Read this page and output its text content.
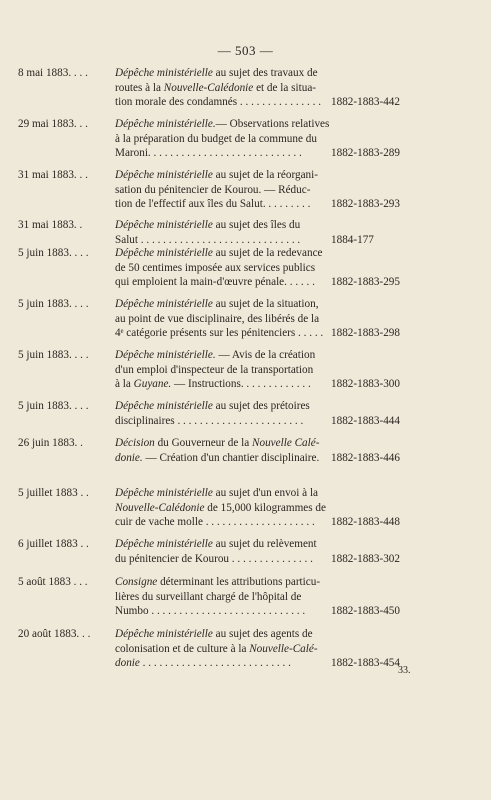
— 503 —
8 mai 1883. . . .	Dépêche ministérielle au sujet des travaux de
routes à la Nouvelle-Calédonie et de la situa-
tion morale des condamnés . . . . . . . . . . . . . . . 1882-1883-442
29 mai 1883. . .	Dépêche ministérielle.— Observations relatives
à la préparation du budget de la commune du
Maroni. . . . . . . . . . . . . . . . . . . . . . . . . . . .	1882-1883-289
31 mai 1883. . .	Dépêche ministérielle au sujet de la réorgani-
sation du pénitencier de Kourou. — Réduc-
tion de l'effectif aux îles du Salut. . . . . . . . .	1882-1883-293
31 mai 1883. .	Dépêche ministérielle au sujet des îles du
Salut . . . . . . . . . . . . . . . . . . . . . . . . . . . . .	1884-177
5 juin 1883. . . .	Dépêche ministérielle au sujet de la redevance
de 50 centimes imposée aux services publics
qui emploient la main-d'œuvre pénale. . . . . .	1882-1883-295
5 juin 1883. . . .	Dépêche ministérielle au sujet de la situation,
au point de vue disciplinaire, des libérés de la
4ᵉ catégorie présents sur les pénitenciers . . . . . 1882-1883-298
5 juin 1883. . . .	Dépêche ministérielle. — Avis de la création
d'un emploi d'inspecteur de la transportation
à la Guyane. — Instructions. . . . . . . . . . . . .	1882-1883-300
5 juin 1883. . . .	Dépêche ministérielle au sujet des prétoires
disciplinaires . . . . . . . . . . . . . . . . . . . . . . .	1882-1883-444
26 juin 1883. .	Décision du Gouverneur de la Nouvelle Calé-
donie. — Création d'un chantier disciplinaire.	1882-1883-446
5 juillet 1883 . .	Dépêche ministérielle au sujet d'un envoi à la
Nouvelle-Calédonie de 15,000 kilogrammes de
cuir de vache molle . . . . . . . . . . . . . . . . . . . .	1882-1883-448
6 juillet 1883 . .	Dépêche ministérielle au sujet du relèvement
du pénitencier de Kourou . . . . . . . . . . . . . . .	1882-1883-302
5 août 1883 . . .	Consigne déterminant les attributions particu-
lières du surveillant chargé de l'hôpital de
Numbo . . . . . . . . . . . . . . . . . . . . . . . . . . . .	1882-1883-450
20 août 1883. . .	Dépêche ministérielle au sujet des agents de
colonisation et de culture à la Nouvelle-Calé-
donie . . . . . . . . . . . . . . . . . . . . . . . . . . .	1882-1883-454
33.
